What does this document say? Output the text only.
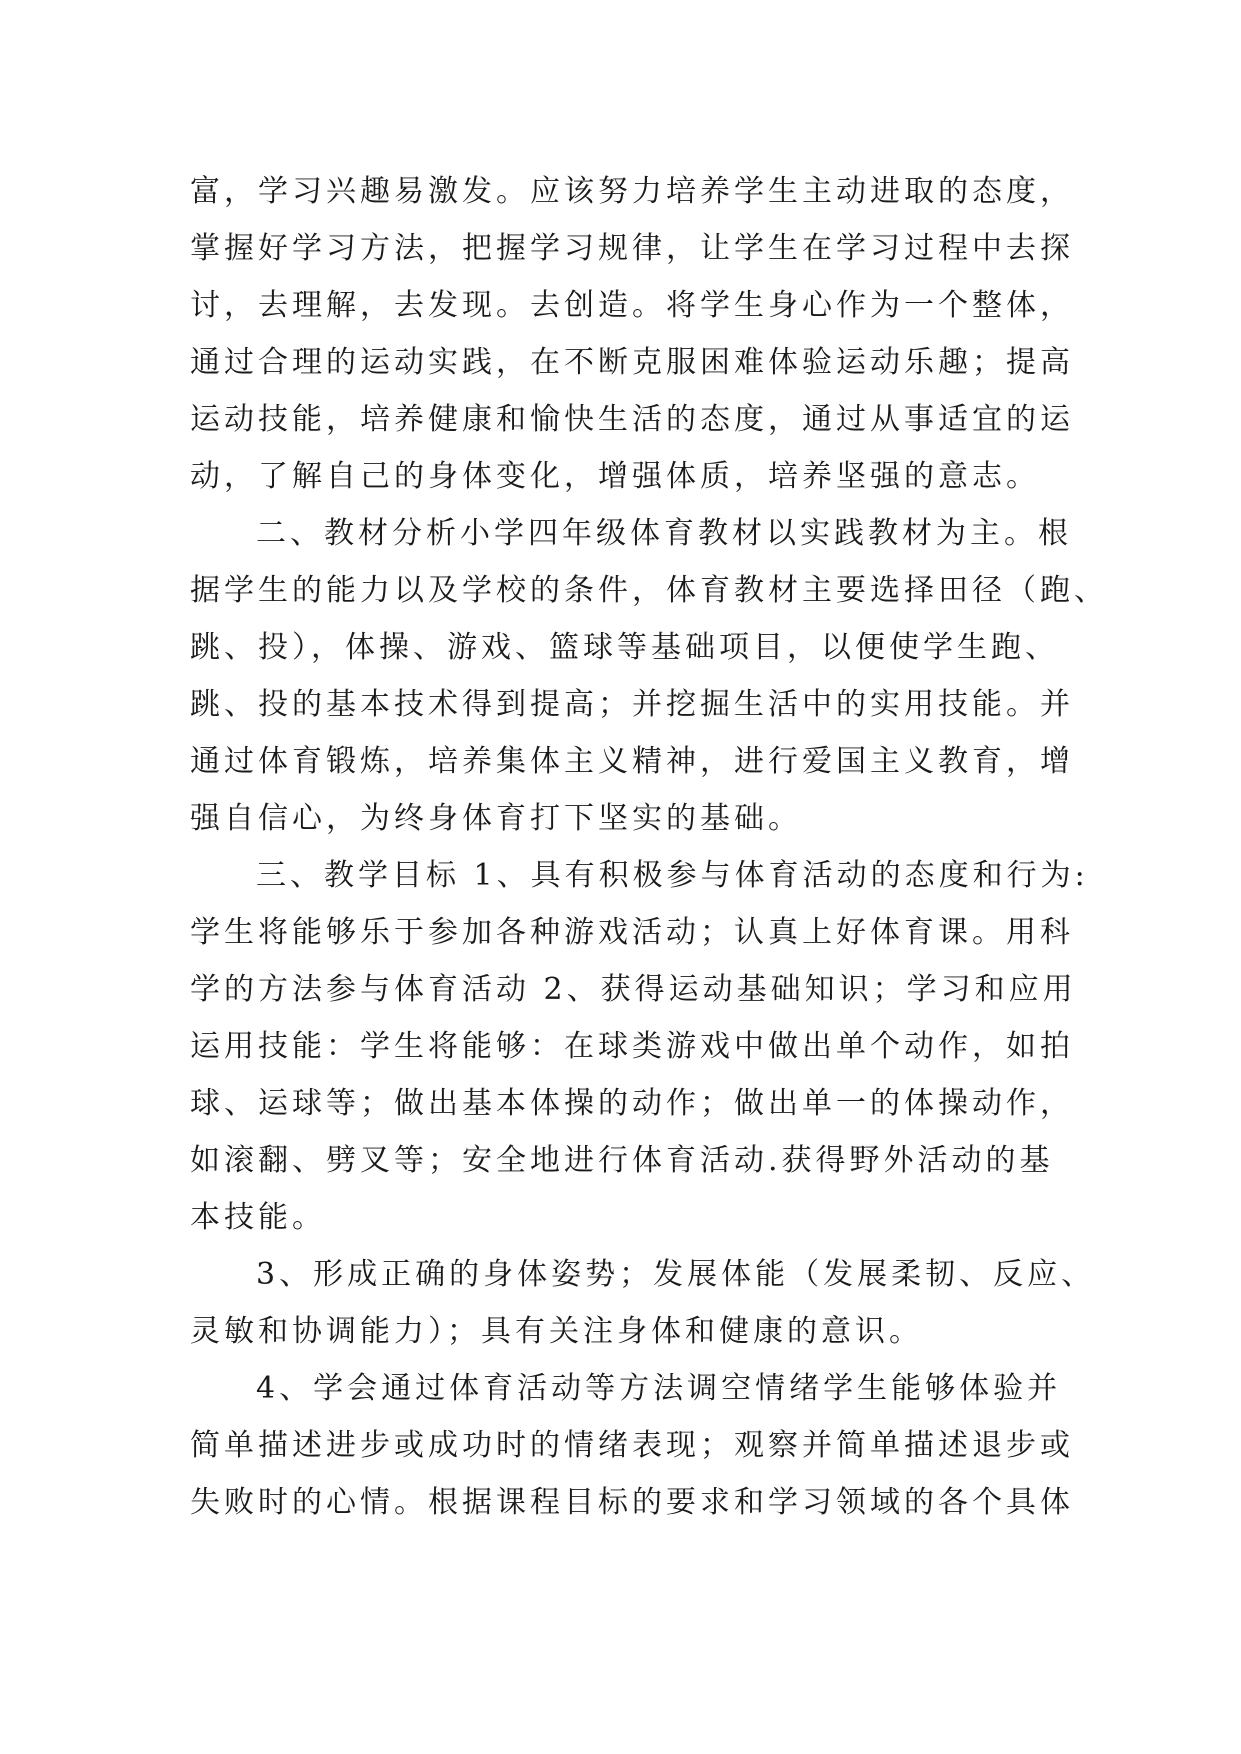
富，学习兴趣易激发。应该努力培养学生主动进取的态度，
掌握好学习方法，把握学习规律，让学生在学习过程中去探
讨，去理解，去发现。去创造。将学生身心作为一个整体，
通过合理的运动实践，在不断克服困难体验运动乐趣；提高
运动技能，培养健康和愉快生活的态度，通过从事适宜的运
动，了解自己的身体变化，增强体质，培养坚强的意志。
二、教材分析小学四年级体育教材以实践教材为主。根
据学生的能力以及学校的条件，体育教材主要选择田径（跑、
跳、投），体操、游戏、篮球等基础项目，以便使学生跑、
跳、投的基本技术得到提高；并挖掘生活中的实用技能。并
通过体育锻炼，培养集体主义精神，进行爱国主义教育，增
强自信心，为终身体育打下坚实的基础。
三、教学目标 1、具有积极参与体育活动的态度和行为:
学生将能够乐于参加各种游戏活动；认真上好体育课。用科
学的方法参与体育活动 2、获得运动基础知识；学习和应用
运用技能：学生将能够：在球类游戏中做出单个动作，如拍
球、运球等；做出基本体操的动作；做出单一的体操动作，
如滚翻、劈叉等；安全地进行体育活动.获得野外活动的基
本技能。
3、形成正确的身体姿势；发展体能（发展柔韧、反应、
灵敏和协调能力）；具有关注身体和健康的意识。
4、学会通过体育活动等方法调空情绪学生能够体验并
简单描述进步或成功时的情绪表现；观察并简单描述退步或
失败时的心情。根据课程目标的要求和学习领域的各个具体
